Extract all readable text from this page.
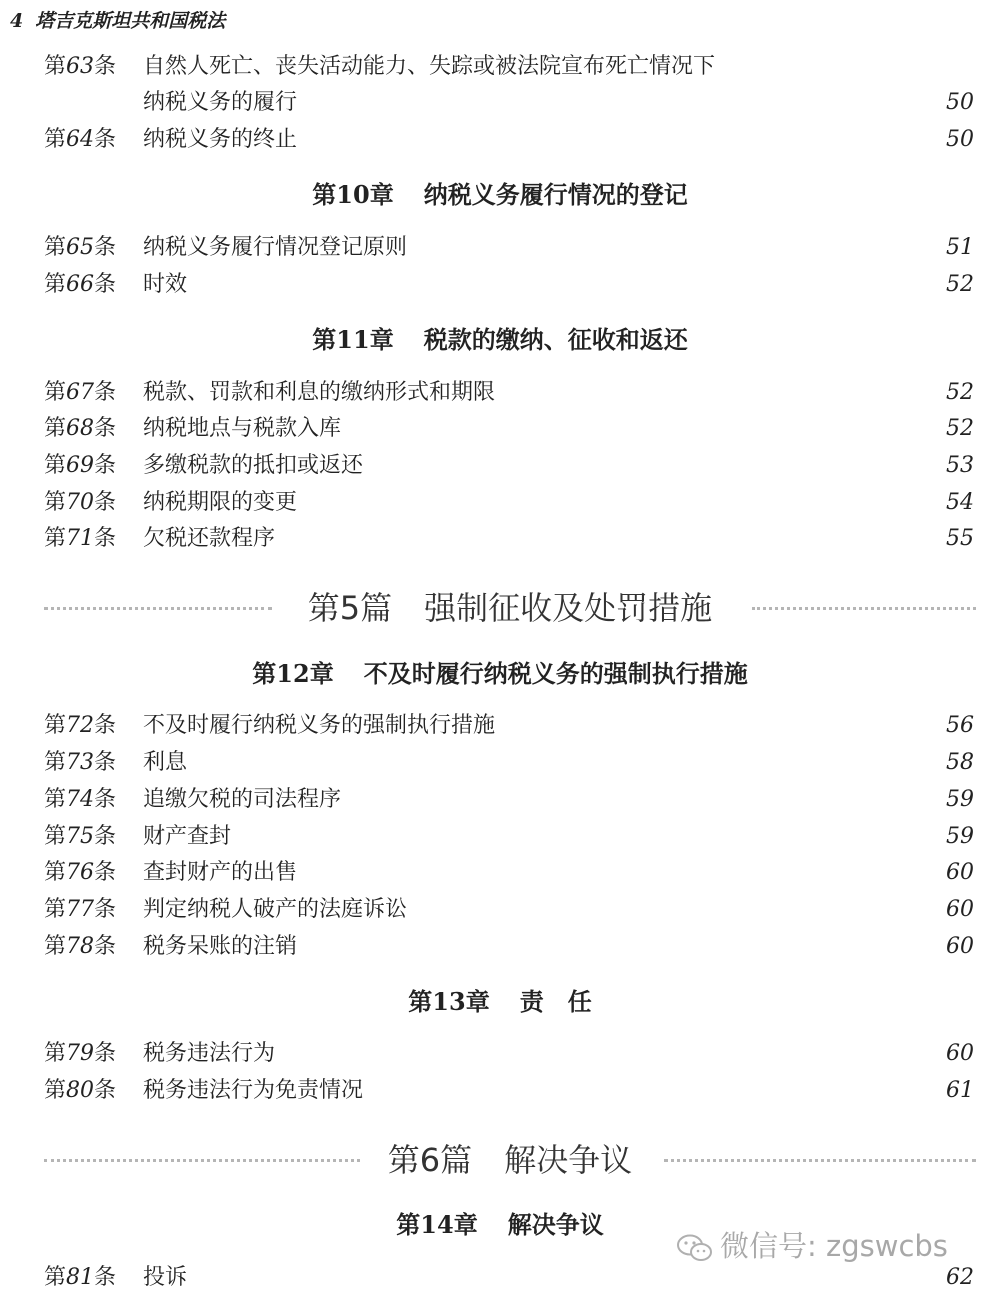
4 塔吉克斯坦共和国税法
第63条 自然人死亡、丧失活动能力、失踪或被法院宣布死亡情况下
纳税义务的履行	50
第64条 纳税义务的终止	50
第10章 纳税义务履行情况的登记
第65条 纳税义务履行情况登记原则	51
第66条 时效	52
第11章 税款的缴纳、征收和返还
第67条 税款、罚款和利息的缴纳形式和期限	52
第68条 纳税地点与税款入库	52
第69条 多缴税款的抵扣或返还	53
第70条 纳税期限的变更	54
第71条 欠税还款程序	55
第5篇 强制征收及处罚措施
第12章 不及时履行纳税义务的强制执行措施
第72条 不及时履行纳税义务的强制执行措施	56
第73条 利息	58
第74条 追缴欠税的司法程序	59
第75条 财产查封	59
第76条 查封财产的出售	60
第77条 判定纳税人破产的法庭诉讼	60
第78条 税务呆账的注销	60
第13章 责　任
第79条 税务违法行为	60
第80条 税务违法行为免责情况	61
第6篇 解决争议
第14章 解决争议
第81条 投诉	62
微信号: zgswcbs
